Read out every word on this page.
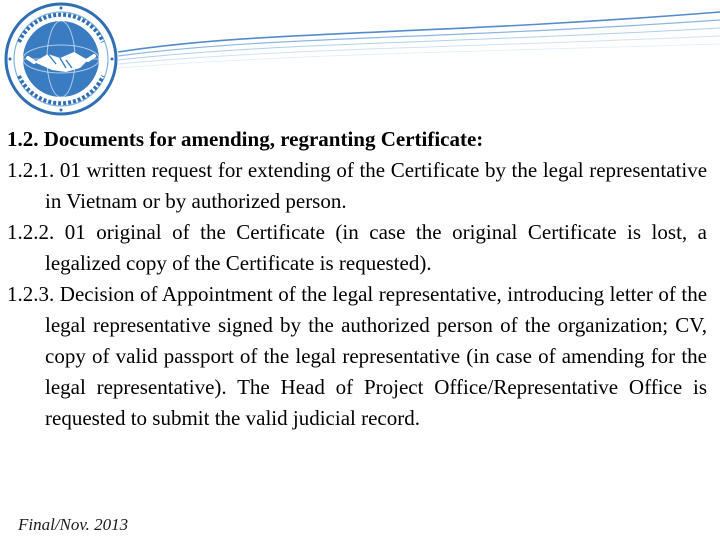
1.2. Documents for amending, regranting Certificate:

1.2.1. 01 written request for extending of the Certificate by the legal representative in Vietnam or by authorized person.

1.2.2. 01 original of the Certificate (in case the original Certificate is lost, a legalized copy of the Certificate is requested).

1.2.3. Decision of Appointment of the legal representative, introducing letter of the legal representative signed by the authorized person of the organization; CV, copy of valid passport of the legal representative (in case of amending for the legal representative). The Head of Project Office/Representative Office is requested to submit the valid judicial record.

Final/Nov. 2013
